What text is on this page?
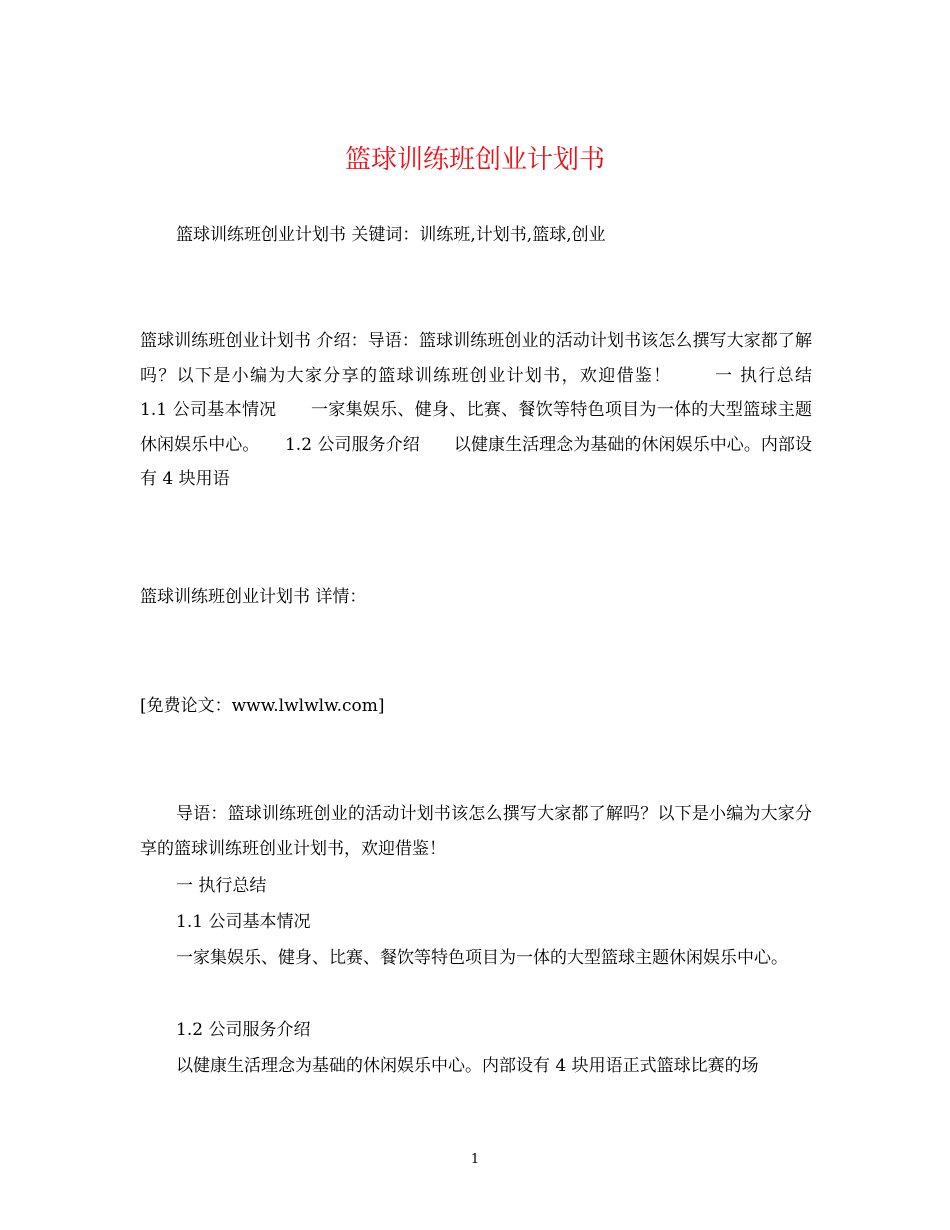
篮球训练班创业计划书
篮球训练班创业计划书 关键词：训练班,计划书,篮球,创业
篮球训练班创业计划书 介绍：导语：篮球训练班创业的活动计划书该怎么撰写大家都了解吗？以下是小编为大家分享的篮球训练班创业计划书，欢迎借鉴！　　 一 执行总结　　1.1 公司基本情况　　一家集娱乐、健身、比赛、餐饮等特色项目为一体的大型篮球主题休闲娱乐中心。　　1.2 公司服务介绍　　以健康生活理念为基础的休闲娱乐中心。内部设有 4 块用语
篮球训练班创业计划书 详情：
[免费论文：www.lwlwlw.com]
导语：篮球训练班创业的活动计划书该怎么撰写大家都了解吗？以下是小编为大家分享的篮球训练班创业计划书，欢迎借鉴！
一 执行总结
1.1 公司基本情况
一家集娱乐、健身、比赛、餐饮等特色项目为一体的大型篮球主题休闲娱乐中心。
1.2 公司服务介绍
以健康生活理念为基础的休闲娱乐中心。内部设有 4 块用语正式篮球比赛的场
1
